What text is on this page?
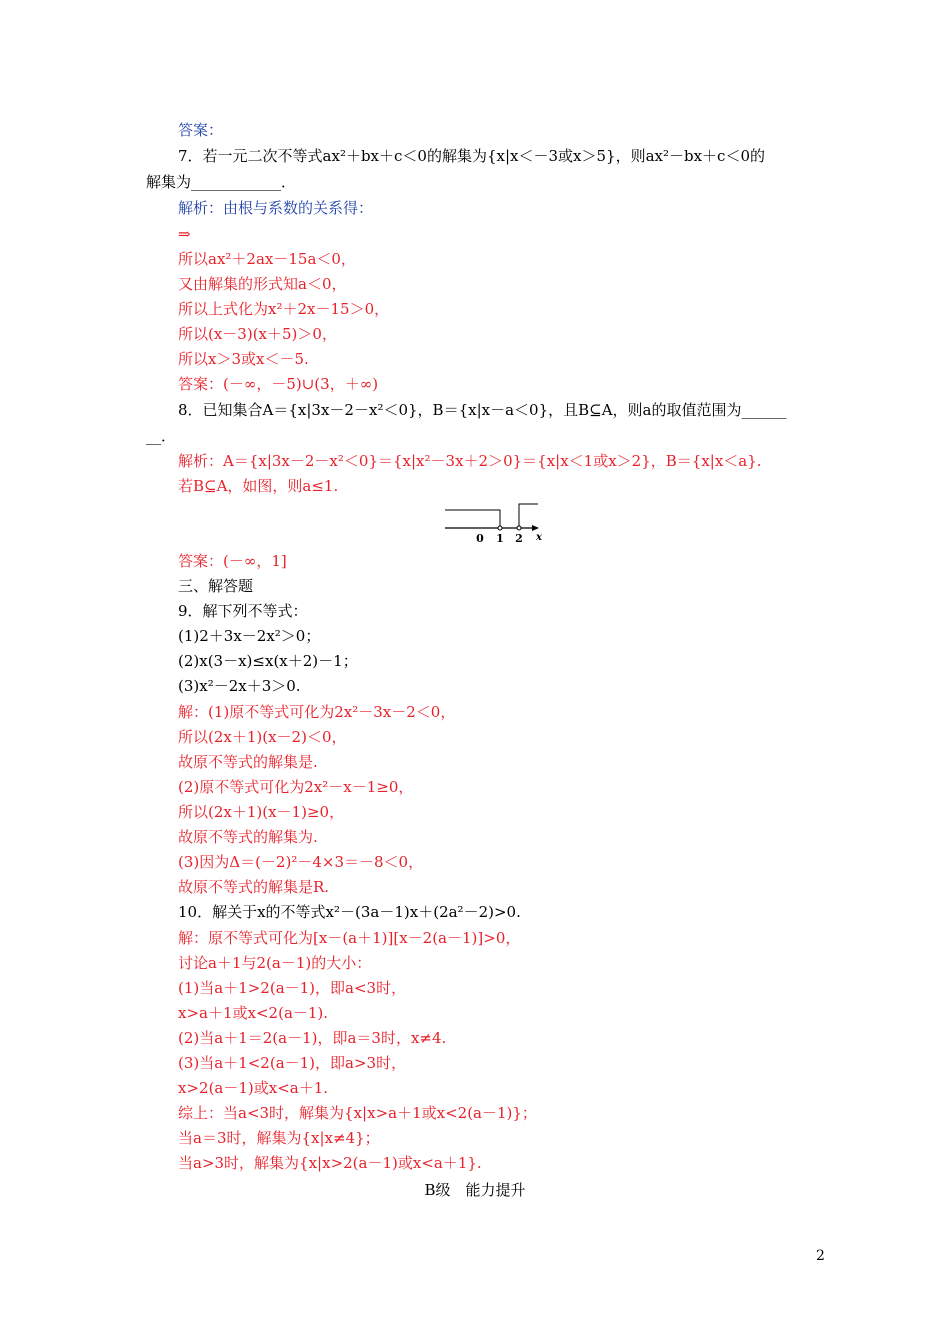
答案：
7．若一元二次不等式ax²＋bx＋c＜0的解集为{x|x＜－3或x＞5}，则ax²－bx＋c＜0的
解集为____________．
解析：由根与系数的关系得：
⇒
所以ax²＋2ax－15a＜0，
又由解集的形式知a＜0，
所以上式化为x²＋2x－15＞0，
所以(x－3)(x＋5)＞0，
所以x＞3或x＜－5.
答案：(－∞，－5)∪(3，＋∞)
8．已知集合A＝{x|3x－2－x²＜0}，B＝{x|x－a＜0}，且B⊆A，则a的取值范围为______
__．
解析：A＝{x|3x－2－x²＜0}＝{x|x²－3x＋2＞0}＝{x|x＜1或x＞2}，B＝{x|x＜a}.
若B⊆A，如图，则a≤1.
答案：(－∞，1]
三、解答题
9．解下列不等式：
(1)2＋3x－2x²＞0；
(2)x(3－x)≤x(x＋2)－1；
(3)x²－2x＋3＞0.
解：(1)原不等式可化为2x²－3x－2＜0，
所以(2x＋1)(x－2)＜0，
故原不等式的解集是.
(2)原不等式可化为2x²－x－1≥0，
所以(2x＋1)(x－1)≥0，
故原不等式的解集为.
(3)因为Δ＝(－2)²－4×3＝－8＜0，
故原不等式的解集是R.
10．解关于x的不等式x²－(3a－1)x＋(2a²－2)>0.
解：原不等式可化为[x－(a＋1)][x－2(a－1)]>0，
讨论a＋1与2(a－1)的大小：
(1)当a＋1>2(a－1)，即a<3时，
x>a＋1或x<2(a－1).
(2)当a＋1＝2(a－1)，即a＝3时，x≠4.
(3)当a＋1<2(a－1)，即a>3时，
x>2(a－1)或x<a＋1.
综上：当a<3时，解集为{x|x>a＋1或x<2(a－1)}；
当a＝3时，解集为{x|x≠4}；
当a>3时，解集为{x|x>2(a－1)或x<a＋1}.
B级　能力提升
0 1 2 x
2
